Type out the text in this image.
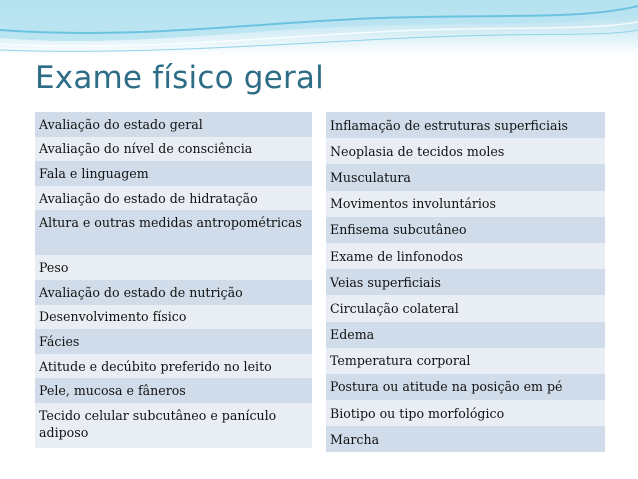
Exame físico geral
Avaliação do estado geral
Avaliação do nível de consciência
Fala e linguagem
Avaliação do estado de hidratação
Altura e outras medidas antropométricas
Peso
Avaliação do estado de nutrição
Desenvolvimento físico
Fácies
Atitude e decúbito preferido no leito
Pele, mucosa e fâneros
Tecido celular subcutâneo e panículo adiposo
Inflamação de estruturas superficiais
Neoplasia de tecidos moles
Musculatura
Movimentos involuntários
Enfisema subcutâneo
Exame de linfonodos
Veias superficiais
Circulação colateral
Edema
Temperatura corporal
Postura ou atitude na posição em pé
Biotipo ou tipo morfológico
Marcha
